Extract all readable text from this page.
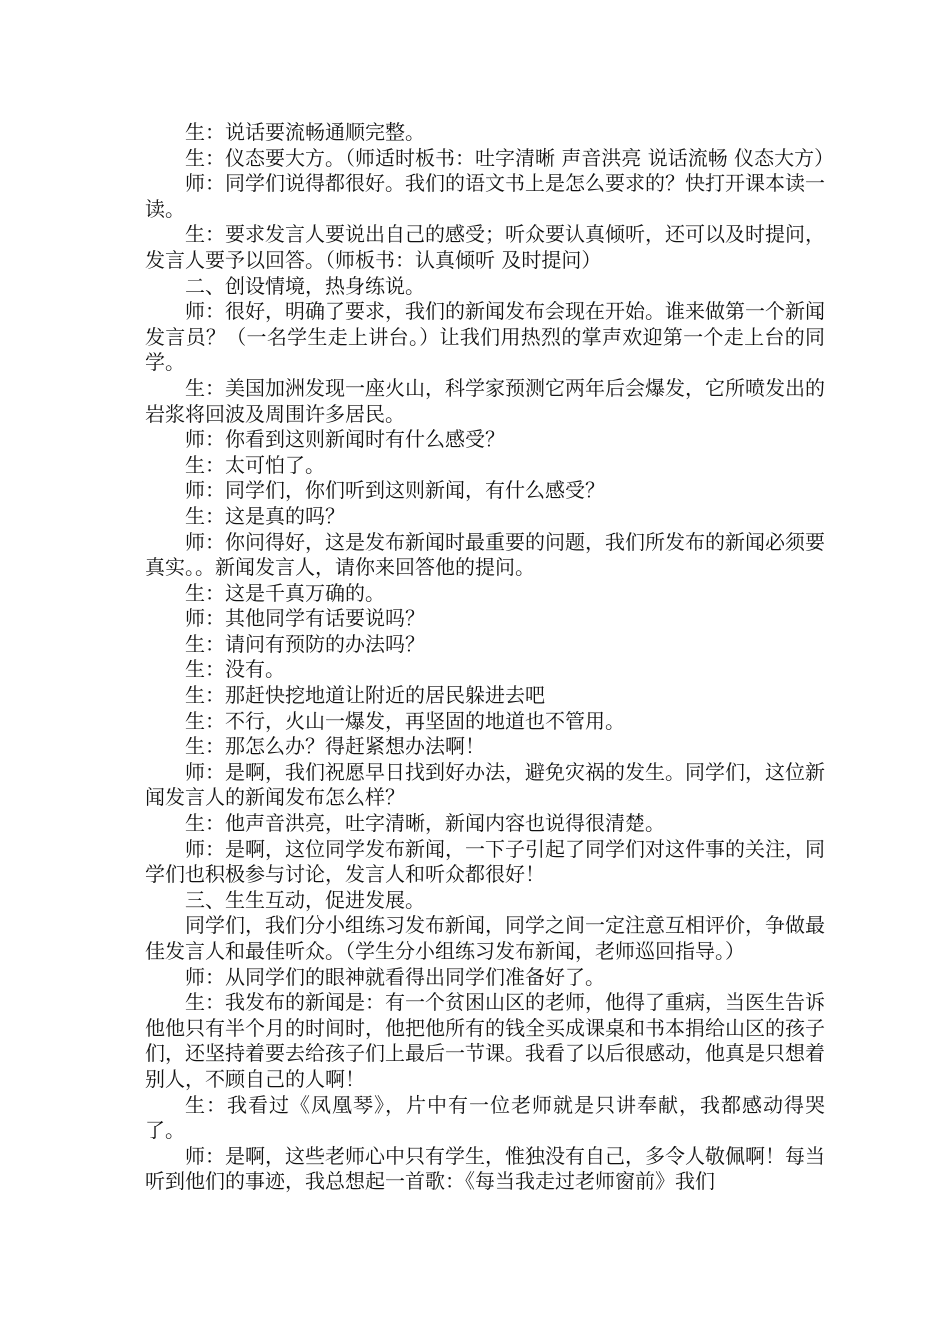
生：说话要流畅通顺完整。

生：仪态要大方。（师适时板书：吐字清晰 声音洪亮 说话流畅 仪态大方）

师：同学们说得都很好。我们的语文书上是怎么要求的？快打开课本读一读。

生：要求发言人要说出自己的感受；听众要认真倾听，还可以及时提问，发言人要予以回答。（师板书：认真倾听 及时提问）

二、创设情境，热身练说。

师：很好，明确了要求，我们的新闻发布会现在开始。谁来做第一个新闻发言员？（一名学生走上讲台。）让我们用热烈的掌声欢迎第一个走上台的同学。

生：美国加洲发现一座火山，科学家预测它两年后会爆发，它所喷发出的岩浆将回波及周围许多居民。

师：你看到这则新闻时有什么感受？

生：太可怕了。

师：同学们，你们听到这则新闻，有什么感受？

生：这是真的吗？

师：你问得好，这是发布新闻时最重要的问题，我们所发布的新闻必须要真实。。新闻发言人，请你来回答他的提问。

生：这是千真万确的。

师：其他同学有话要说吗？

生：请问有预防的办法吗？

生：没有。

生：那赶快挖地道让附近的居民躲进去吧

生：不行，火山一爆发，再坚固的地道也不管用。

生：那怎么办？得赶紧想办法啊！

师：是啊，我们祝愿早日找到好办法，避免灾祸的发生。同学们，这位新闻发言人的新闻发布怎么样？

生：他声音洪亮，吐字清晰，新闻内容也说得很清楚。

师：是啊，这位同学发布新闻，一下子引起了同学们对这件事的关注，同学们也积极参与讨论，发言人和听众都很好！

三、生生互动，促进发展。

同学们，我们分小组练习发布新闻，同学之间一定注意互相评价，争做最佳发言人和最佳听众。（学生分小组练习发布新闻，老师巡回指导。）

师：从同学们的眼神就看得出同学们准备好了。

生：我发布的新闻是：有一个贫困山区的老师，他得了重病，当医生告诉他他只有半个月的时间时，他把他所有的钱全买成课桌和书本捐给山区的孩子们，还坚持着要去给孩子们上最后一节课。我看了以后很感动，他真是只想着别人，不顾自己的人啊！

生：我看过《凤凰琴》，片中有一位老师就是只讲奉献，我都感动得哭了。

师：是啊，这些老师心中只有学生，惟独没有自己，多令人敬佩啊！每当听到他们的事迹，我总想起一首歌：《每当我走过老师窗前》我们
